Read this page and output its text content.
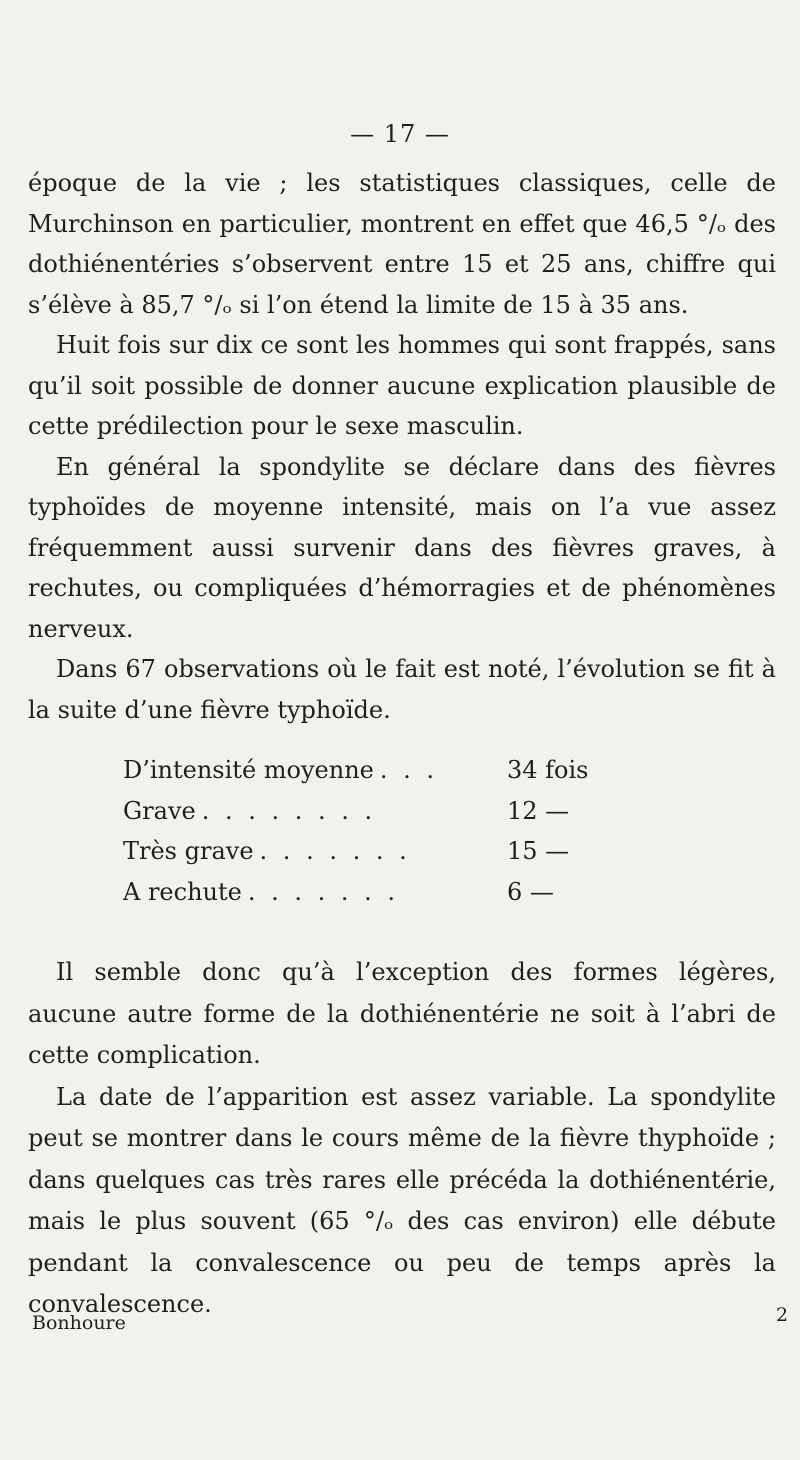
— 17 —

époque de la vie ; les statistiques classiques, celle de Murchinson en particulier, montrent en effet que 46,5 °/ₒ des dothiénentéries s’observent entre 15 et 25 ans, chiffre qui s’élève à 85,7 °/ₒ si l’on étend la limite de 15 à 35 ans.

Huit fois sur dix ce sont les hommes qui sont frappés, sans qu’il soit possible de donner aucune explication plausible de cette prédilection pour le sexe masculin.

En général la spondylite se déclare dans des fièvres typhoïdes de moyenne intensité, mais on l’a vue assez fréquemment aussi survenir dans des fièvres graves, à rechutes, ou compliquées d’hémorragies et de phénomènes nerveux.

Dans 67 observations où le fait est noté, l’évolution se fit à la suite d’une fièvre typhoïde.

D’intensité moyenne . . .	34 fois
Grave . . . . . . . .	12 —
Très grave . . . . . . .	15 —
A rechute . . . . . . .	6 —

Il semble donc qu’à l’exception des formes légères, aucune autre forme de la dothiénentérie ne soit à l’abri de cette complication.

La date de l’apparition est assez variable. La spondylite peut se montrer dans le cours même de la fièvre thyphoïde ; dans quelques cas très rares elle précéda la dothiénentérie, mais le plus souvent (65 °/ₒ des cas environ) elle débute pendant la convalescence ou peu de temps après la convalescence.

Bonhoure	2
